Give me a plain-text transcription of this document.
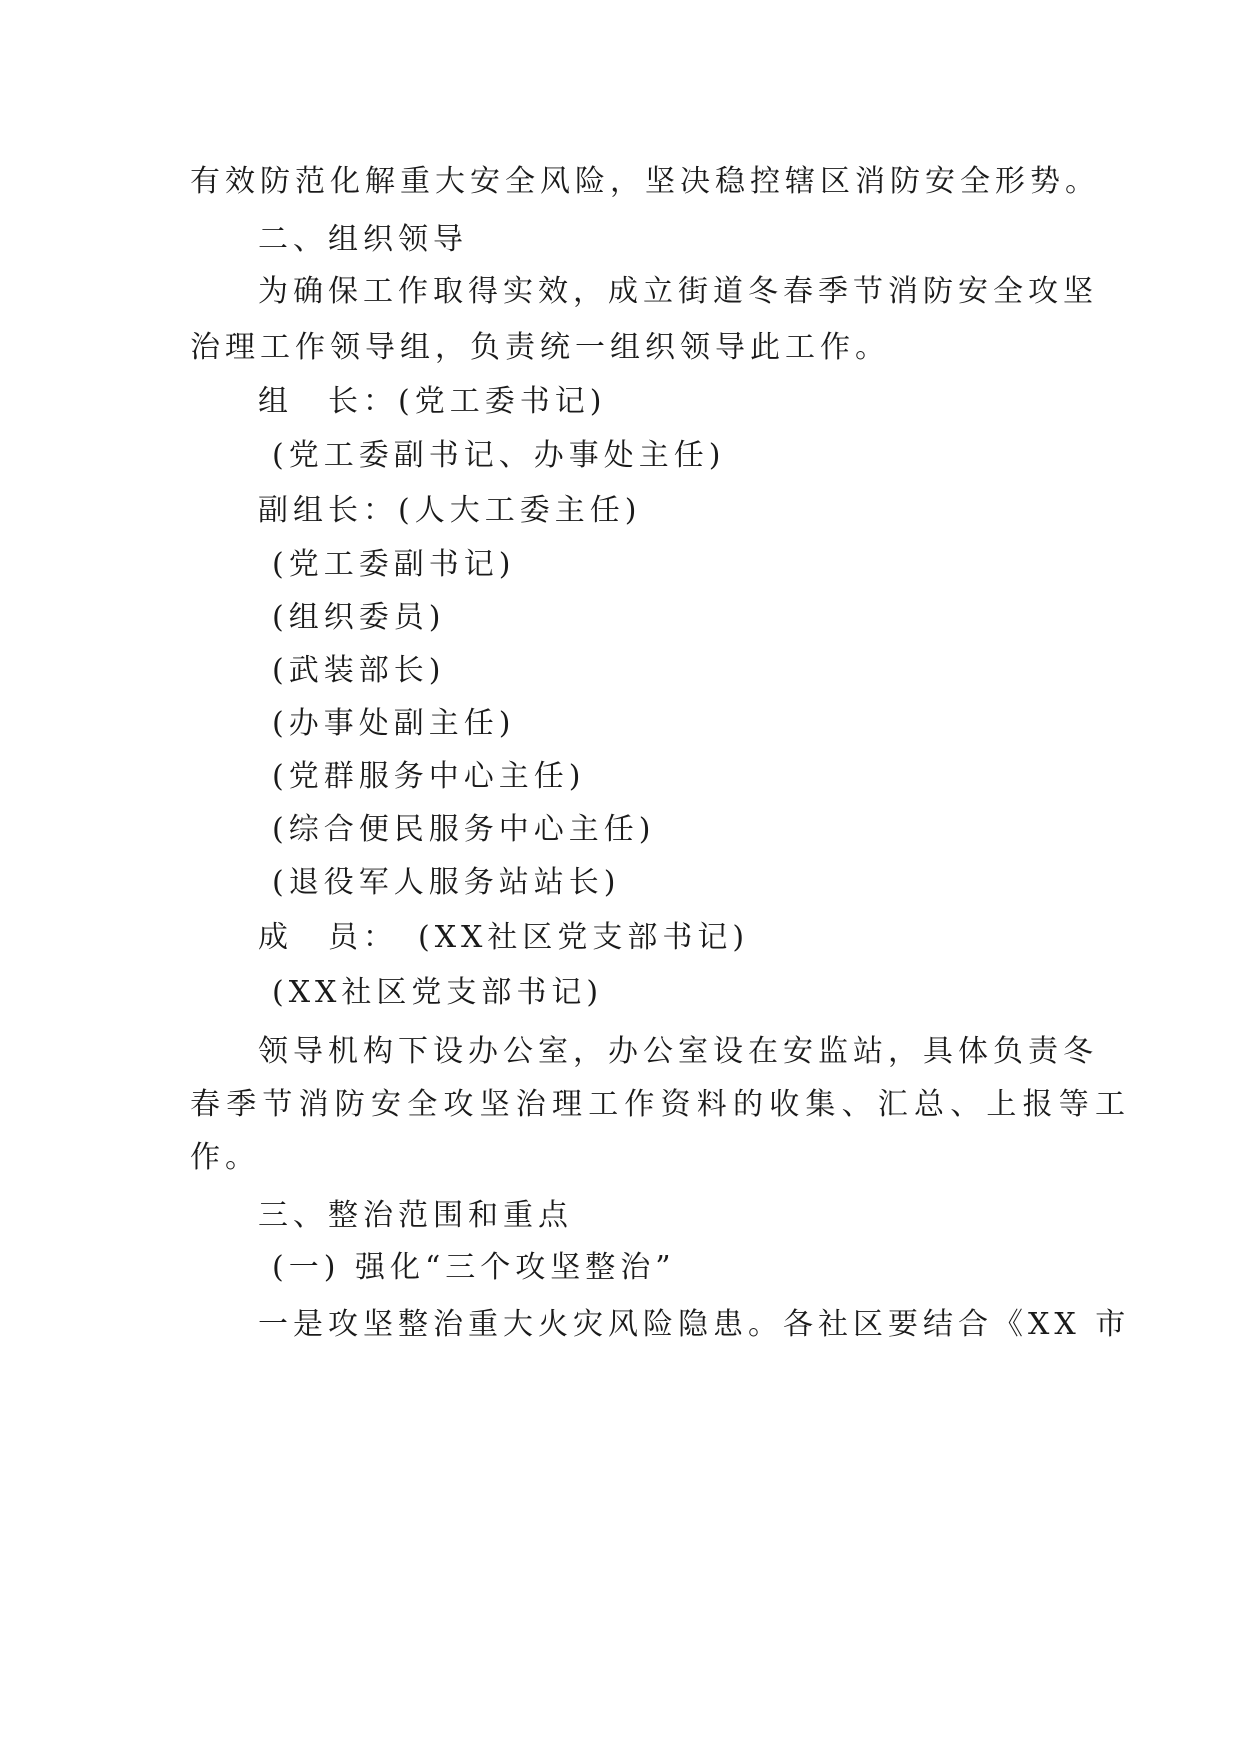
有效防范化解重大安全风险，坚决稳控辖区消防安全形势。
二、组织领导
为确保工作取得实效，成立街道冬春季节消防安全攻坚
治理工作领导组，负责统一组织领导此工作。
组　长：(党工委书记)
(党工委副书记、办事处主任)
副组长：(人大工委主任)
(党工委副书记)
(组织委员)
(武装部长)
(办事处副主任)
(党群服务中心主任)
(综合便民服务中心主任)
(退役军人服务站站长)
成　员：　(XX社区党支部书记)
(XX社区党支部书记)
领导机构下设办公室，办公室设在安监站，具体负责冬
春季节消防安全攻坚治理工作资料的收集、汇总、上报等工
作。
三、整治范围和重点
(一) 强化“三个攻坚整治”
一是攻坚整治重大火灾风险隐患。各社区要结合《XX 市
